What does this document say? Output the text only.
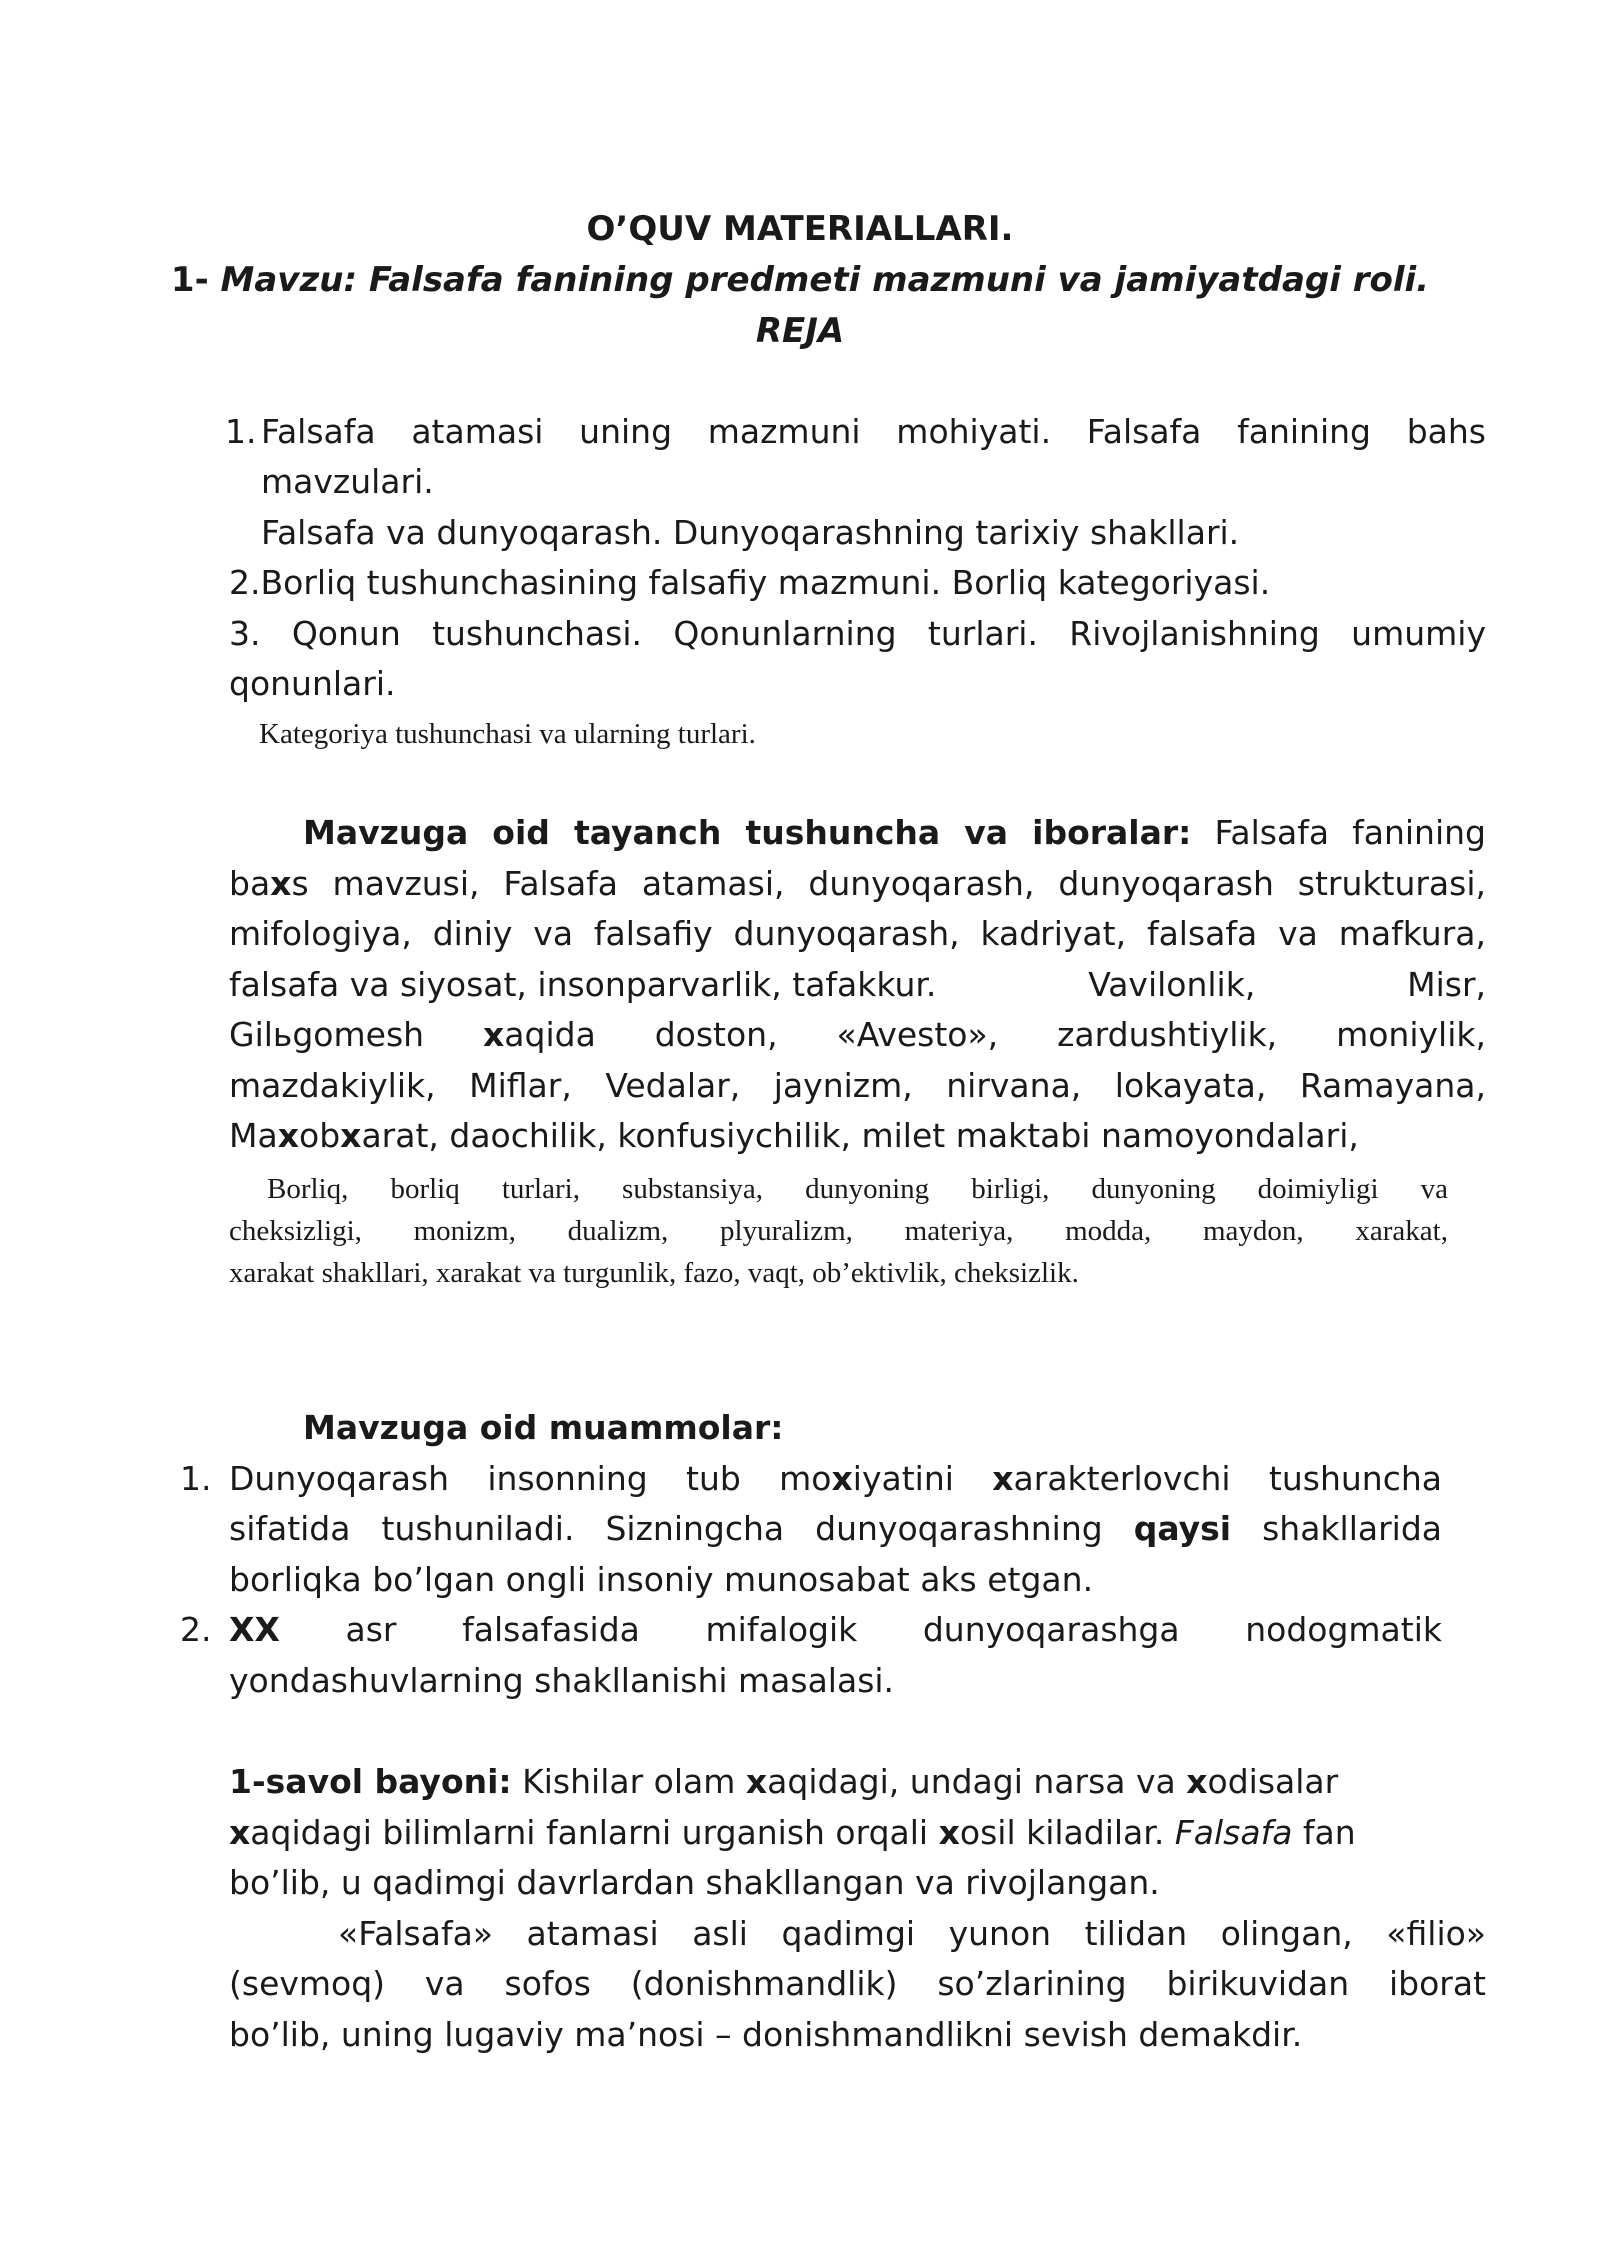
O’QUV MATERIALLARI.
1- Mavzu: Falsafa fanining predmeti mazmuni va jamiyatdagi roli.
REJA
1. Falsafa atamasi uning mazmuni mohiyati. Falsafa fanining bahs
mavzulari.
Falsafa va dunyoqarash. Dunyoqarashning tarixiy shakllari.
2.Borliq tushunchasining falsafiy mazmuni. Borliq kategoriyasi.
3. Qonun tushunchasi. Qonunlarning turlari. Rivojlanishning umumiy
qonunlari.
Kategoriya tushunchasi va ularning turlari.
Mavzuga oid tayanch tushuncha va iboralar: Falsafa fanining
baxs mavzusi, Falsafa atamasi, dunyoqarash, dunyoqarash strukturasi,
mifologiya, diniy va falsafiy dunyoqarash, kadriyat, falsafa va mafkura,
falsafa va siyosat, insonparvarlik, tafakkur.	Vavilonlik,	Misr,
Gilьgomesh xaqida doston, «Avesto», zardushtiylik, moniylik,
mazdakiylik, Miflar, Vedalar, jaynizm, nirvana, lokayata, Ramayana,
Maxobxarat, daochilik, konfusiychilik, milet maktabi namoyondalari,
Borliq, borliq turlari, substansiya, dunyoning birligi, dunyoning doimiyligi va
cheksizligi, monizm, dualizm, plyuralizm, materiya, modda, maydon, xarakat,
xarakat shakllari, xarakat va turgunlik, fazo, vaqt, ob’ektivlik, cheksizlik.
Mavzuga oid muammolar:
1. Dunyoqarash insonning tub moxiyatini xarakterlovchi tushuncha
sifatida tushuniladi. Sizningcha dunyoqarashning qaysi shakllarida
borliqka bo’lgan ongli insoniy munosabat aks etgan.
2. XX asr falsafasida mifalogik dunyoqarashga nodogmatik
yondashuvlarning shakllanishi masalasi.
1-savol bayoni: Kishilar olam xaqidagi, undagi narsa va xodisalar
xaqidagi bilimlarni fanlarni urganish orqali xosil kiladilar. Falsafa fan
bo’lib, u qadimgi davrlardan shakllangan va rivojlangan.
«Falsafa» atamasi asli qadimgi yunon tilidan olingan, «filio»
(sevmoq) va sofos (donishmandlik) so’zlarining birikuvidan iborat
bo’lib, uning lugaviy ma’nosi – donishmandlikni sevish demakdir.
